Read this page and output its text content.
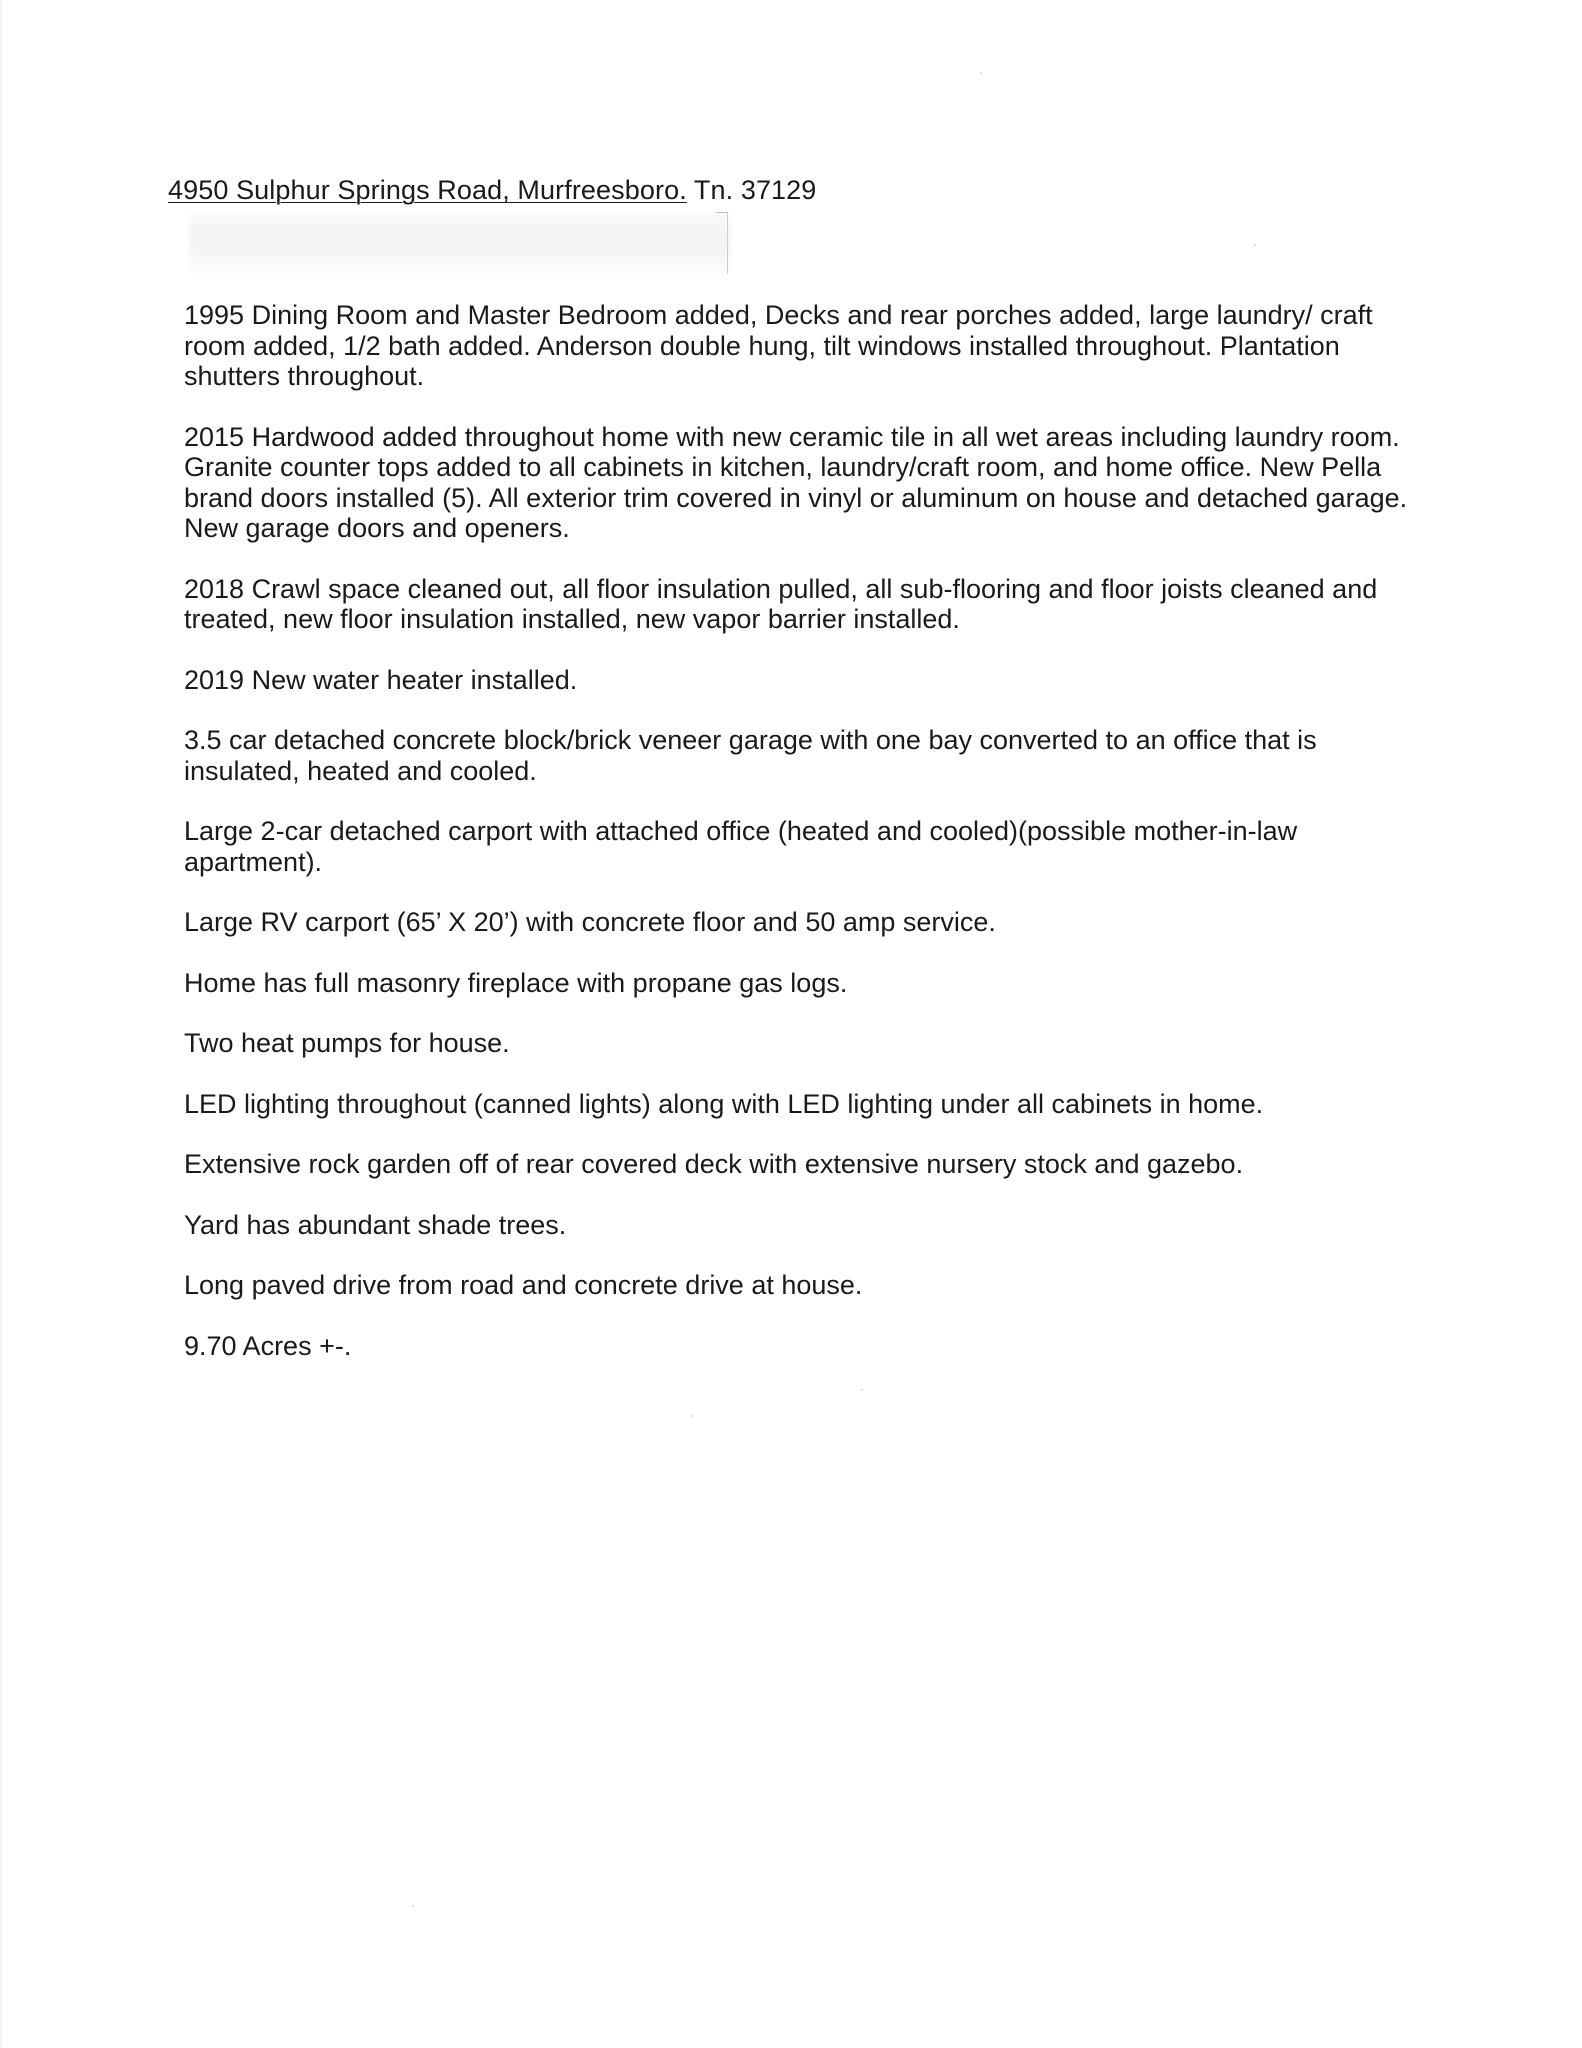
4950 Sulphur Springs Road, Murfreesboro. Tn. 37129

1995 Dining Room and Master Bedroom added, Decks and rear porches added, large laundry/ craft room added, 1/2 bath added. Anderson double hung, tilt windows installed throughout. Plantation shutters throughout.

2015 Hardwood added throughout home with new ceramic tile in all wet areas including laundry room. Granite counter tops added to all cabinets in kitchen, laundry/craft room, and home office. New Pella brand doors installed (5). All exterior trim covered in vinyl or aluminum on house and detached garage. New garage doors and openers.

2018 Crawl space cleaned out, all floor insulation pulled, all sub-flooring and floor joists cleaned and treated, new floor insulation installed, new vapor barrier installed.

2019 New water heater installed.

3.5 car detached concrete block/brick veneer garage with one bay converted to an office that is insulated, heated and cooled.

Large 2-car detached carport with attached office (heated and cooled)(possible mother-in-law apartment).

Large RV carport (65’ X 20’) with concrete floor and 50 amp service.

Home has full masonry fireplace with propane gas logs.

Two heat pumps for house.

LED lighting throughout (canned lights) along with LED lighting under all cabinets in home.

Extensive rock garden off of rear covered deck with extensive nursery stock and gazebo.

Yard has abundant shade trees.

Long paved drive from road and concrete drive at house.

9.70 Acres +-.
